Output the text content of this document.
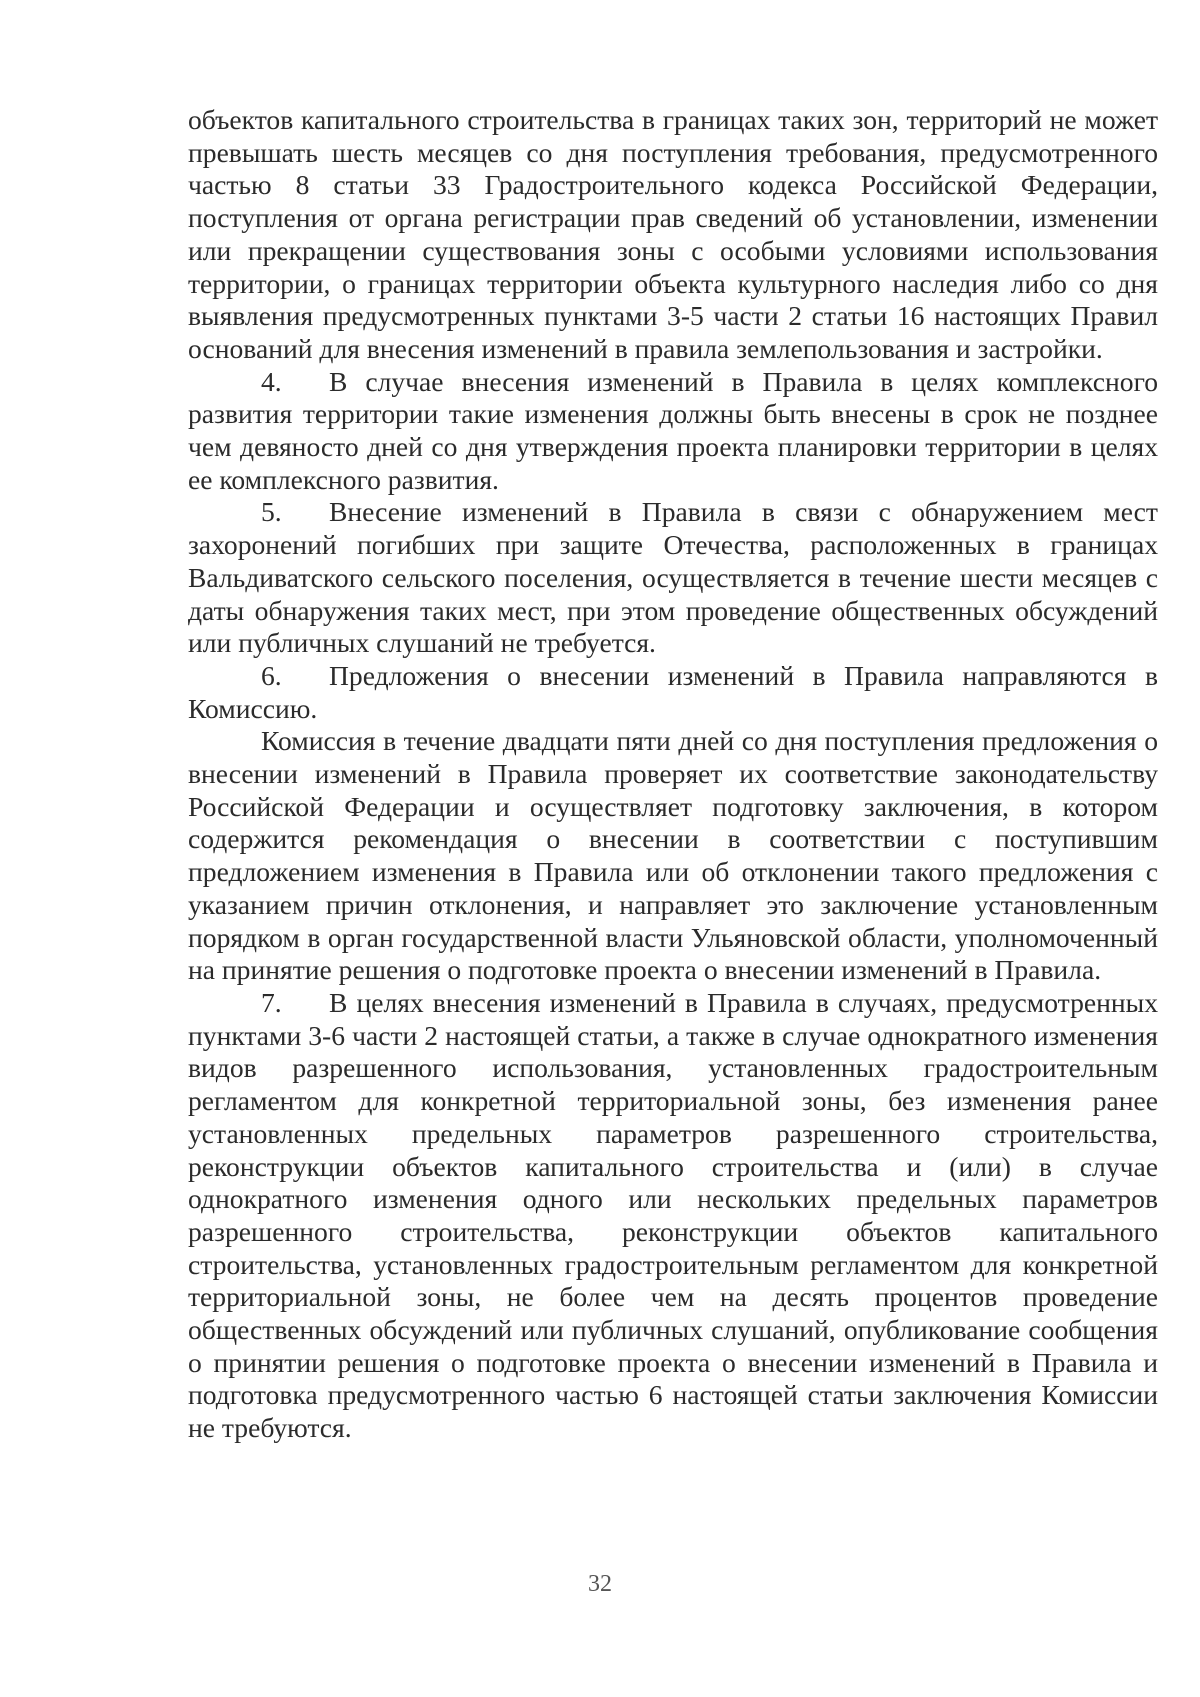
объектов капитального строительства в границах таких зон, территорий не может превышать шесть месяцев со дня поступления требования, предусмотренного частью 8 статьи 33 Градостроительного кодекса Российской Федерации, поступления от органа регистрации прав сведений об установлении, изменении или прекращении существования зоны с особыми условиями использования территории, о границах территории объекта культурного наследия либо со дня выявления предусмотренных пунктами 3-5 части 2 статьи 16 настоящих Правил оснований для внесения изменений в правила землепользования и застройки.

4. В случае внесения изменений в Правила в целях комплексного развития территории такие изменения должны быть внесены в срок не позднее чем девяносто дней со дня утверждения проекта планировки территории в целях ее комплексного развития.

5. Внесение изменений в Правила в связи с обнаружением мест захоронений погибших при защите Отечества, расположенных в границах Вальдиватского сельского поселения, осуществляется в течение шести месяцев с даты обнаружения таких мест, при этом проведение общественных обсуждений или публичных слушаний не требуется.

6. Предложения о внесении изменений в Правила направляются в Комиссию.

Комиссия в течение двадцати пяти дней со дня поступления предложения о внесении изменений в Правила проверяет их соответствие законодательству Российской Федерации и осуществляет подготовку заключения, в котором содержится рекомендация о внесении в соответствии с поступившим предложением изменения в Правила или об отклонении такого предложения с указанием причин отклонения, и направляет это заключение установленным порядком в орган государственной власти Ульяновской области, уполномоченный на принятие решения о подготовке проекта о внесении изменений в Правила.

7. В целях внесения изменений в Правила в случаях, предусмотренных пунктами 3-6 части 2 настоящей статьи, а также в случае однократного изменения видов разрешенного использования, установленных градостроительным регламентом для конкретной территориальной зоны, без изменения ранее установленных предельных параметров разрешенного строительства, реконструкции объектов капитального строительства и (или) в случае однократного изменения одного или нескольких предельных параметров разрешенного строительства, реконструкции объектов капитального строительства, установленных градостроительным регламентом для конкретной территориальной зоны, не более чем на десять процентов проведение общественных обсуждений или публичных слушаний, опубликование сообщения о принятии решения о подготовке проекта о внесении изменений в Правила и подготовка предусмотренного частью 6 настоящей статьи заключения Комиссии не требуются.

32
